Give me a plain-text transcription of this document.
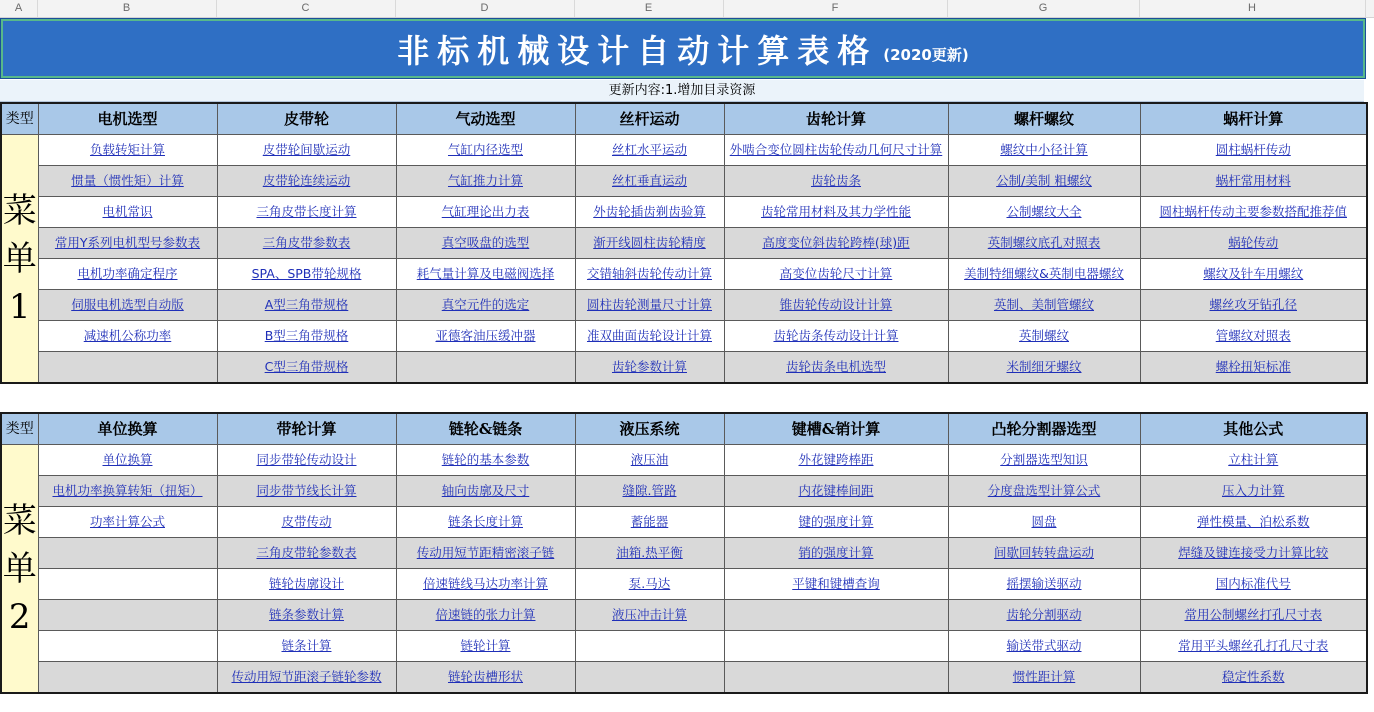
A	B	C	D	E	F	G	H
非标机械设计自动计算表格 (2020更新)
更新内容:1.增加目录资源
类型	电机选型	皮带轮	气动选型	丝杆运动	齿轮计算	螺杆螺纹	蜗杆计算
菜单1	负载转矩计算	皮带轮间歇运动	气缸内径选型	丝杠水平运动	外啮合变位圆柱齿轮传动几何尺寸计算	螺纹中小径计算	圆柱蜗杆传动
	惯量（惯性矩）计算	皮带轮连续运动	气缸推力计算	丝杠垂直运动	齿轮齿条	公制/美制 粗螺纹	蜗杆常用材料
	电机常识	三角皮带长度计算	气缸理论出力表	外齿轮插齿剃齿验算	齿轮常用材料及其力学性能	公制螺纹大全	圆柱蜗杆传动主要参数搭配推荐值
	常用Y系列电机型号参数表	三角皮带参数表	真空吸盘的选型	渐开线圆柱齿轮精度	高度变位斜齿轮跨棒(球)距	英制螺纹底孔对照表	蜗轮传动
	电机功率确定程序	SPA、SPB带轮规格	耗气量计算及电磁阀选择	交错轴斜齿轮传动计算	高变位齿轮尺寸计算	美制特细螺纹&英制电器螺纹	螺纹及针车用螺纹
	伺服电机选型自动版	A型三角带规格	真空元件的选定	圆柱齿轮测量尺寸计算	锥齿轮传动设计计算	英制、美制管螺纹	螺丝攻牙钻孔径
	减速机公称功率	B型三角带规格	亚德客油压缓冲器	准双曲面齿轮设计计算	齿轮齿条传动设计计算	英制螺纹	管螺纹对照表
		C型三角带规格		齿轮参数计算	齿轮齿条电机选型	米制细牙螺纹	螺栓扭矩标准
类型	单位换算	带轮计算	链轮&链条	液压系统	键槽&销计算	凸轮分割器选型	其他公式
菜单2	单位换算	同步带轮传动设计	链轮的基本参数	液压油	外花键跨棒距	分割器选型知识	立柱计算
	电机功率换算转矩（扭矩）	同步带节线长计算	轴向齿廓及尺寸	缝隙.管路	内花键棒间距	分度盘选型计算公式	压入力计算
	功率计算公式	皮带传动	链条长度计算	蓄能器	键的强度计算	圆盘	弹性模量、泊松系数
		三角皮带轮参数表	传动用短节距精密滚子链	油箱.热平衡	销的强度计算	间歇回转转盘运动	焊缝及键连接受力计算比较
		链轮齿廓设计	倍速链线马达功率计算	泵.马达	平键和键槽查询	摇摆输送驱动	国内标准代号
		链条参数计算	倍速链的张力计算	液压冲击计算		齿轮分割驱动	常用公制螺丝打孔尺寸表
		链条计算	链轮计算			输送带式驱动	常用平头螺丝孔打孔尺寸表
		传动用短节距滚子链轮参数	链轮齿槽形状			惯性距计算	稳定性系数
